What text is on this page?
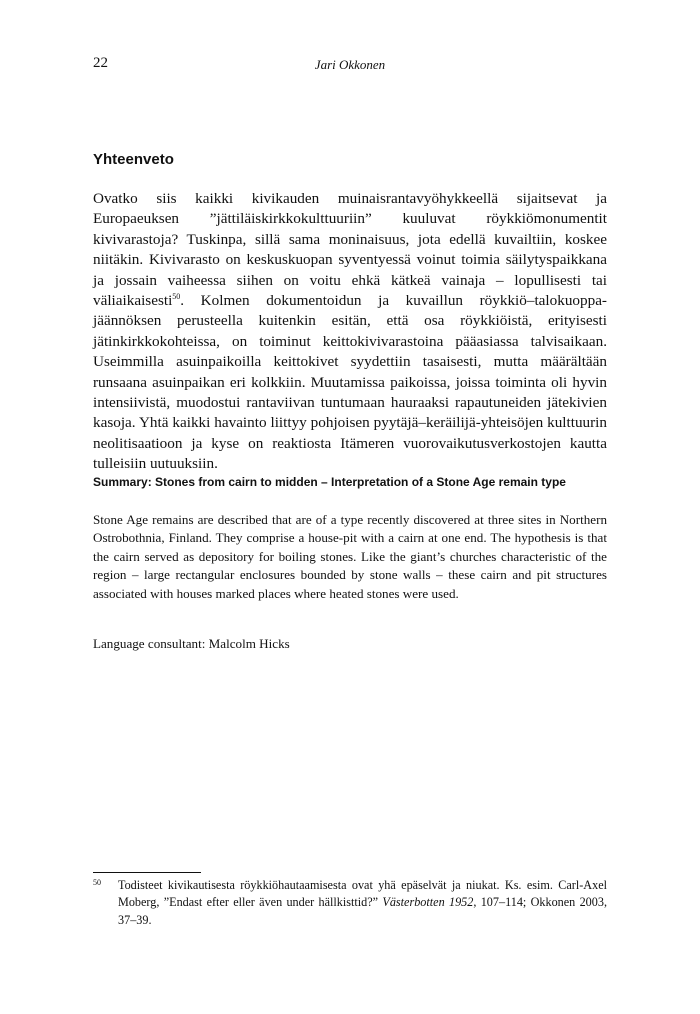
22	Jari Okkonen
Yhteenveto

Ovatko siis kaikki kivikauden muinaisrantavyöhykkeellä sijaitsevat ja Europaeuksen ”jättiläiskirkkokulttuuriin” kuuluvat röykkiömonumentit kivivarastoja? Tuskinpa, sillä sama moninaisuus, jota edellä kuvailtiin, koskee niitäkin. Kivivarasto on keskuskuopan syventyessä voinut toimia säilytyspaikkana ja jossain vaiheessa siihen on voitu ehkä kätkeä vainaja – lopullisesti tai väliaikaisesti$^{50}$. Kolmen dokumentoidun ja kuvaillun röykkiö–talokuoppa-jäännöksen perusteella kuitenkin esitän, että osa röykkiöistä, erityisesti jätinkirkkokohteissa, on toiminut keittokivivarastoina pääasiassa talvisaikaan. Useimmilla asuinpaikoilla keittokivet syydettiin tasaisesti, mutta määrältään runsaana asuinpaikan eri kolkkiin. Muutamissa paikoissa, joissa toiminta oli hyvin intensiivistä, muodostui rantaviivan tuntumaan hauraaksi rapautuneiden jätekivien kasoja. Yhtä kaikki havainto liittyy pohjoisen pyytäjä–keräilijä-yhteisöjen kulttuurin neolitisaatioon ja kyse on reaktiosta Itämeren vuorovaikutusverkostojen kautta tulleisiin uutuuksiin.

Summary: Stones from cairn to midden – Interpretation of a Stone Age remain type

Stone Age remains are described that are of a type recently discovered at three sites in Northern Ostrobothnia, Finland. They comprise a house-pit with a cairn at one end. The hypothesis is that the cairn served as depository for boiling stones. Like the giant’s churches characteristic of the region – large rectangular enclosures bounded by stone walls – these cairn and pit structures associated with houses marked places where heated stones were used.

Language consultant: Malcolm Hicks
50 Todisteet kivikautisesta röykkiöhautaamisesta ovat yhä epäselvät ja niukat. Ks. esim. Carl-Axel Moberg, ”Endast efter eller även under hällkisttid?” Västerbotten 1952, 107–114; Okkonen 2003, 37–39.
